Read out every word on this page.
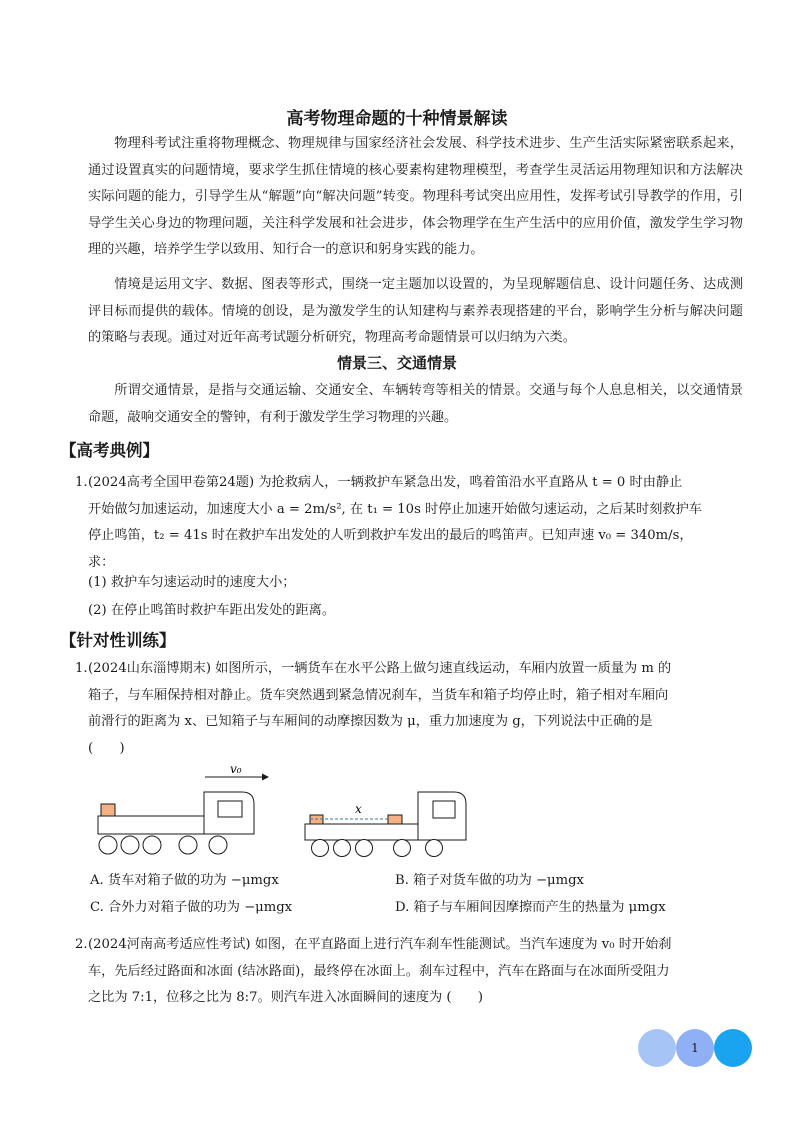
高考物理命题的十种情景解读
物理科考试注重将物理概念、物理规律与国家经济社会发展、科学技术进步、生产生活实际紧密联系起来，通过设置真实的问题情境，要求学生抓住情境的核心要素构建物理模型，考查学生灵活运用物理知识和方法解决实际问题的能力，引导学生从“解题”向“解决问题”转变。物理科考试突出应用性，发挥考试引导教学的作用，引导学生关心身边的物理问题，关注科学发展和社会进步，体会物理学在生产生活中的应用价值，激发学生学习物理的兴趣，培养学生学以致用、知行合一的意识和躬身实践的能力。
情境是运用文字、数据、图表等形式，围绕一定主题加以设置的，为呈现解题信息、设计问题任务、达成测评目标而提供的载体。情境的创设，是为激发学生的认知建构与素养表现搭建的平台，影响学生分析与解决问题的策略与表现。通过对近年高考试题分析研究，物理高考命题情景可以归纳为六类。
情景三、交通情景
所谓交通情景，是指与交通运输、交通安全、车辆转弯等相关的情景。交通与每个人息息相关，以交通情景命题，敲响交通安全的警钟，有利于激发学生学习物理的兴趣。
【高考典例】
1. (2024高考全国甲卷第24题) 为抢救病人，一辆救护车紧急出发，鸣着笛沿水平直路从 t = 0 时由静止
开始做匀加速运动，加速度大小 a = 2m/s², 在 t₁ = 10s 时停止加速开始做匀速运动，之后某时刻救护车
停止鸣笛，t₂ = 41s 时在救护车出发处的人听到救护车发出的最后的鸣笛声。已知声速 v₀ = 340m/s，
求：
(1) 救护车匀速运动时的速度大小；
(2) 在停止鸣笛时救护车距出发处的距离。
【针对性训练】
1. (2024山东淄博期末) 如图所示，一辆货车在水平公路上做匀速直线运动，车厢内放置一质量为 m 的
箱子，与车厢保持相对静止。货车突然遇到紧急情况刹车，当货车和箱子均停止时，箱子相对车厢向
前滑行的距离为 x、已知箱子与车厢间的动摩擦因数为 μ，重力加速度为 g，下列说法中正确的是
(　　)
v₀
x
A. 货车对箱子做的功为 −μmgx	B. 箱子对货车做的功为 −μmgx
C. 合外力对箱子做的功为 −μmgx	D. 箱子与车厢间因摩擦而产生的热量为 μmgx
2. (2024河南高考适应性考试) 如图，在平直路面上进行汽车刹车性能测试。当汽车速度为 v₀ 时开始刹
车，先后经过路面和冰面 (结冰路面)，最终停在冰面上。刹车过程中，汽车在路面与在冰面所受阻力
之比为 7:1，位移之比为 8:7。则汽车进入冰面瞬间的速度为 (　　)
1
